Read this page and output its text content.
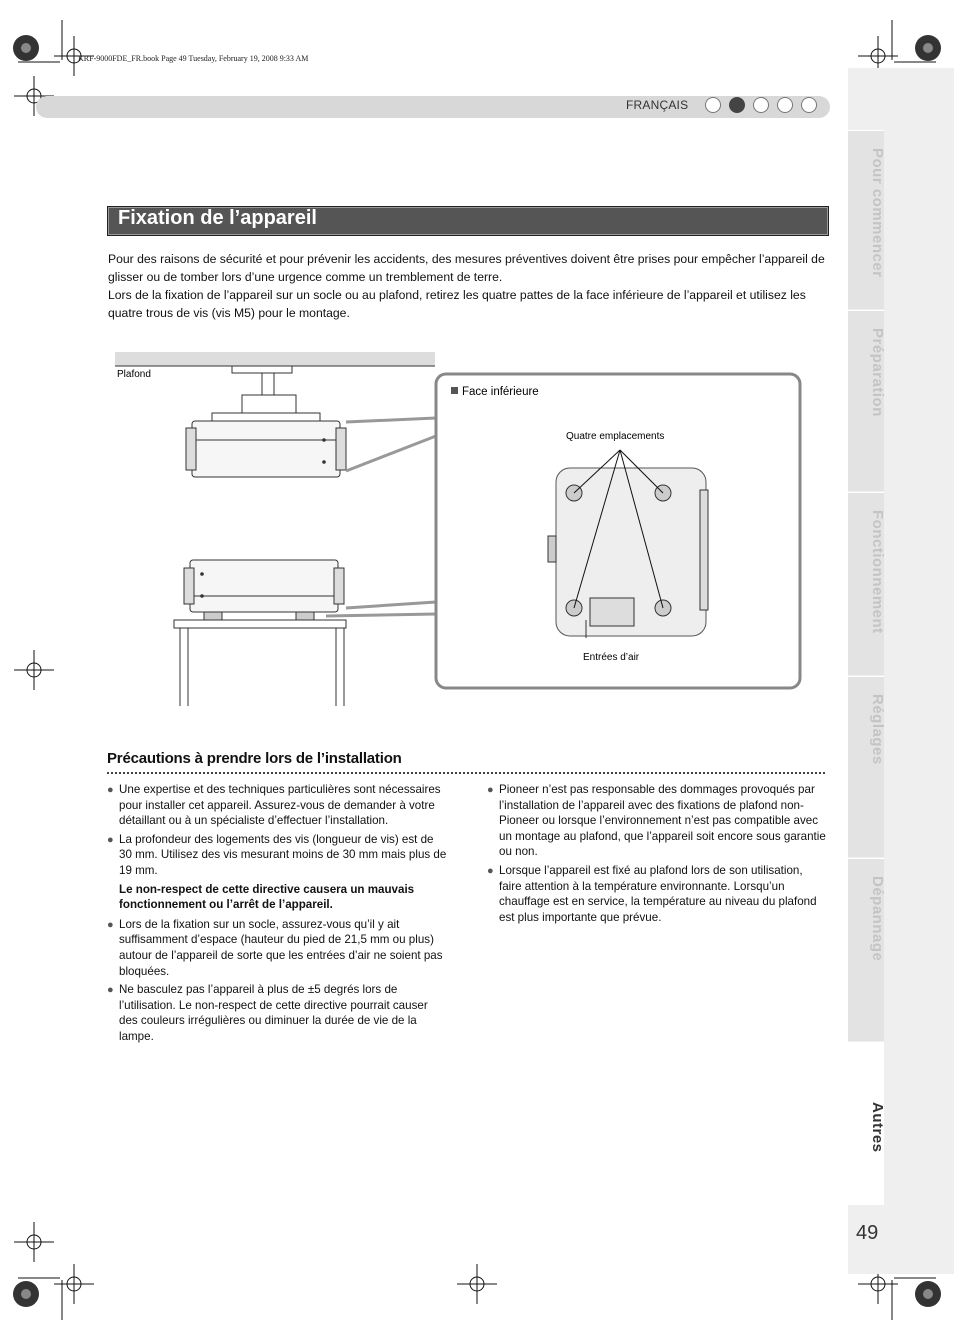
KRF-9000FDE_FR.book Page 49 Tuesday, February 19, 2008 9:33 AM
FRANÇAIS
Pour commencer
Préparation
Fonctionnement
Réglages
Dépannage
Autres
49
Fixation de l’appareil
Pour des raisons de sécurité et pour prévenir les accidents, des mesures préventives doivent être prises pour empêcher l’appareil de glisser ou de tomber lors d’une urgence comme un tremblement de terre.
Lors de la fixation de l’appareil sur un socle ou au plafond, retirez les quatre pattes de la face inférieure de l’appareil et utilisez les quatre trous de vis (vis M5) pour le montage.
Plafond
Face inférieure
Quatre emplacements
Entrées d’air
Précautions à prendre lors de l’installation
● Une expertise et des techniques particulières sont nécessaires pour installer cet appareil. Assurez-vous de demander à votre détaillant ou à un spécialiste d’effectuer l’installation.
● La profondeur des logements des vis (longueur de vis) est de 30 mm. Utilisez des vis mesurant moins de 30 mm mais plus de 19 mm.
Le non-respect de cette directive causera un mauvais fonctionnement ou l’arrêt de l’appareil.
● Lors de la fixation sur un socle, assurez-vous qu’il y ait suffisamment d’espace (hauteur du pied de 21,5 mm ou plus) autour de l’appareil de sorte que les entrées d’air ne soient pas bloquées.
● Ne basculez pas l’appareil à plus de ±5 degrés lors de l’utilisation. Le non-respect de cette directive pourrait causer des couleurs irrégulières ou diminuer la durée de vie de la lampe.
● Pioneer n’est pas responsable des dommages provoqués par l’installation de l’appareil avec des fixations de plafond non-Pioneer ou lorsque l’environnement n’est pas compatible avec un montage au plafond, que l’appareil soit encore sous garantie ou non.
● Lorsque l’appareil est fixé au plafond lors de son utilisation, faire attention à la température environnante. Lorsqu’un chauffage est en service, la température au niveau du plafond est plus importante que prévue.
